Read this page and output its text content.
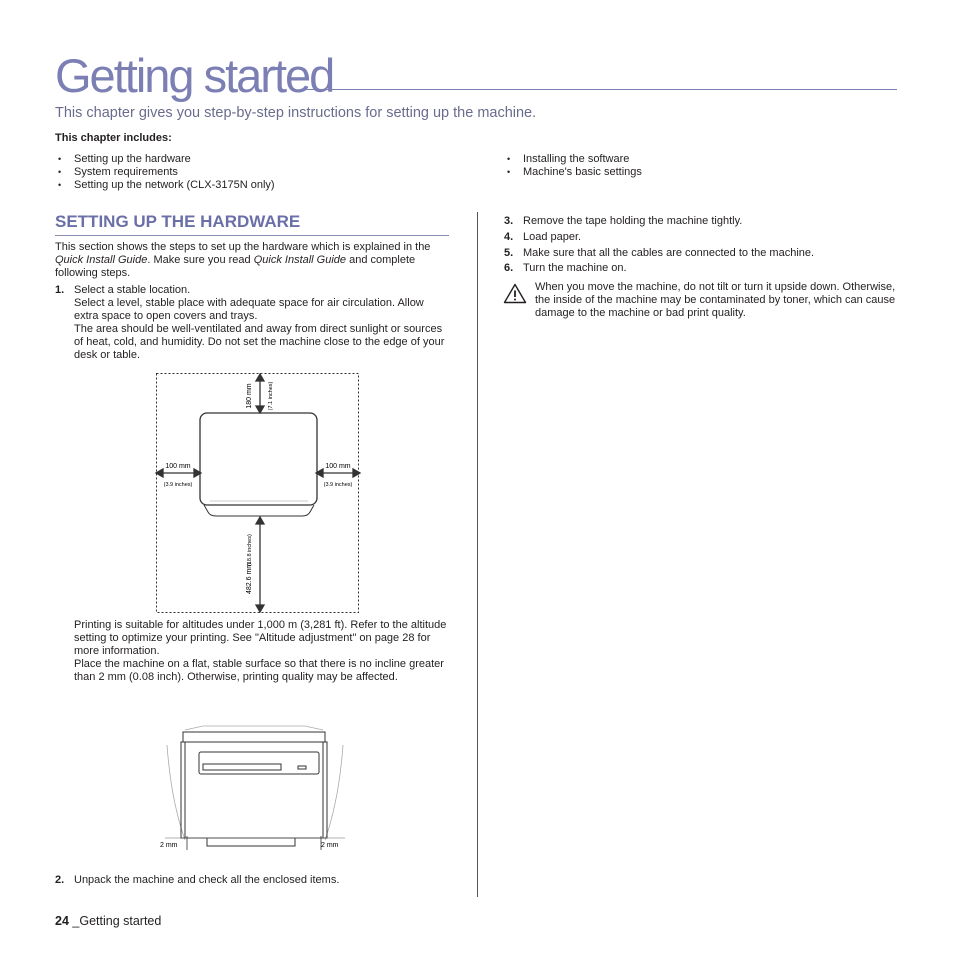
Getting started
This chapter gives you step-by-step instructions for setting up the machine.
This chapter includes:
• Setting up the hardware
• System requirements
• Setting up the network (CLX-3175N only)
• Installing the software
• Machine's basic settings
SETTING UP THE HARDWARE
This section shows the steps to set up the hardware which is explained in the Quick Install Guide. Make sure you read Quick Install Guide and complete following steps.
1. Select a stable location.
Select a level, stable place with adequate space for air circulation. Allow extra space to open covers and trays.
The area should be well-ventilated and away from direct sunlight or sources of heat, cold, and humidity. Do not set the machine close to the edge of your desk or table.
180 mm	(7.1 inches)
100 mm
(3.9 inches)
100 mm
(3.9 inches)
482.6 mm
(18.8 inches)
Printing is suitable for altitudes under 1,000 m (3,281 ft). Refer to the altitude setting to optimize your printing. See "Altitude adjustment" on page 28 for more information.
Place the machine on a flat, stable surface so that there is no incline greater than 2 mm (0.08 inch). Otherwise, printing quality may be affected.
2 mm	2 mm
2. Unpack the machine and check all the enclosed items.
3. Remove the tape holding the machine tightly.
4. Load paper.
5. Make sure that all the cables are connected to the machine.
6. Turn the machine on.
When you move the machine, do not tilt or turn it upside down. Otherwise, the inside of the machine may be contaminated by toner, which can cause damage to the machine or bad print quality.
24 _Getting started
